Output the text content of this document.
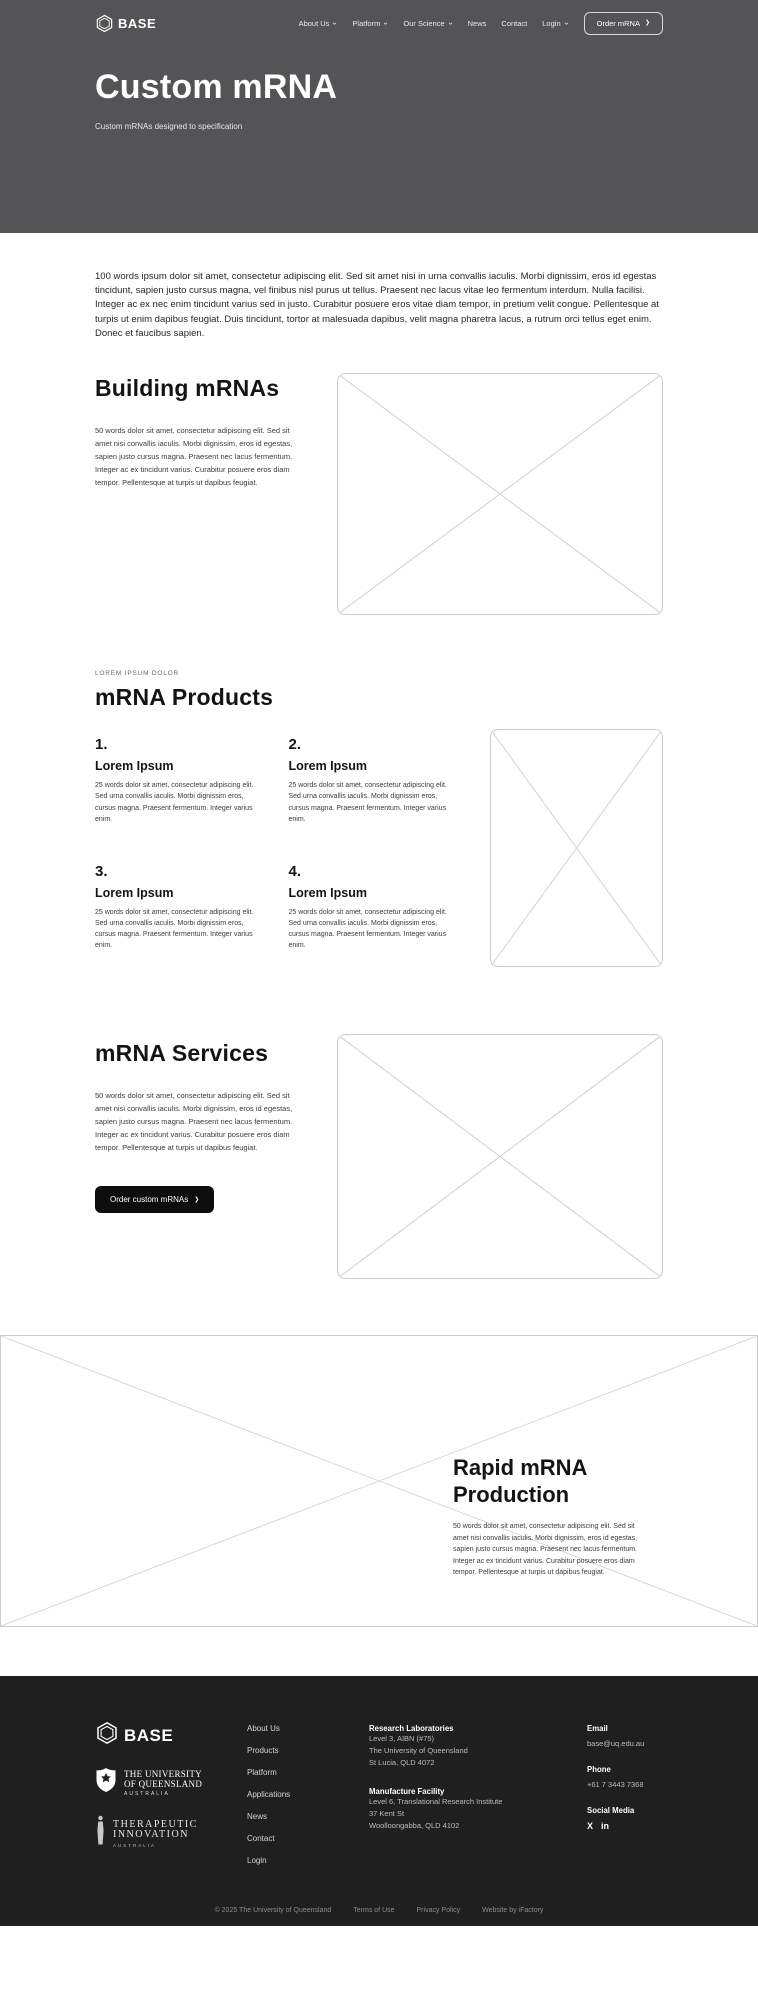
BASE	About Us	Platform	Our Science	News Contact Login	Order mRNA ❯
Custom mRNA
Custom mRNAs designed to specification

100 words ipsum dolor sit amet, consectetur adipiscing elit. Sed sit amet nisi in urna convallis iaculis. Morbi dignissim, eros id egestas tincidunt, sapien justo cursus magna, vel finibus nisl purus ut tellus. Praesent nec lacus vitae leo fermentum interdum. Nulla facilisi. Integer ac ex nec enim tincidunt varius sed in justo. Curabitur posuere eros vitae diam tempor, in pretium velit congue. Pellentesque at turpis ut enim dapibus feugiat. Duis tincidunt, tortor at malesuada dapibus, velit magna pharetra lacus, a rutrum orci tellus eget enim. Donec et faucibus sapien.

Building mRNAs

50 words dolor sit amet, consectetur adipiscing elit. Sed sit amet nisi convallis iaculis. Morbi dignissim, eros id egestas, sapien justo cursus magna. Praesent nec lacus fermentum. Integer ac ex tincidunt varius. Curabitur posuere eros diam tempor. Pellentesque at turpis ut dapibus feugiat.

LOREM IPSUM DOLOR
mRNA Products
1.
Lorem Ipsum

25 words dolor sit amet, consectetur adipiscing elit. Sed urna convallis iaculis. Morbi dignissim eros, cursus magna. Praesent fermentum. Integer varius enim.

2.
Lorem Ipsum

25 words dolor sit amet, consectetur adipiscing elit. Sed urna convallis iaculis. Morbi dignissim eros, cursus magna. Praesent fermentum. Integer varius enim.

3.
Lorem Ipsum

25 words dolor sit amet, consectetur adipiscing elit. Sed urna convallis iaculis. Morbi dignissim eros, cursus magna. Praesent fermentum. Integer varius enim.

4.
Lorem Ipsum

25 words dolor sit amet, consectetur adipiscing elit. Sed urna convallis iaculis. Morbi dignissim eros, cursus magna. Praesent fermentum. Integer varius enim.

mRNA Services

50 words dolor sit amet, consectetur adipiscing elit. Sed sit amet nisi convallis iaculis. Morbi dignissim, eros id egestas, sapien justo cursus magna. Praesent nec lacus fermentum. Integer ac ex tincidunt varius. Curabitur posuere eros diam tempor. Pellentesque at turpis ut dapibus feugiat.

Order custom mRNAs ❯
Rapid mRNA Production

50 words dolor sit amet, consectetur adipiscing elit. Sed sit amet nisi convallis iaculis. Morbi dignissim, eros id egestas, sapien justo cursus magna. Praesent nec lacus fermentum. Integer ac ex tincidunt varius. Curabitur posuere eros diam tempor. Pellentesque at turpis ut dapibus feugiat.

BASE
THE UNIVERSITY
OF QUEENSLAND
AUSTRALIA
THERAPEUTIC
INNOVATION
AUSTRALIA
About Us
Products
Platform
Applications
News
Contact
Login
Research Laboratories
Level 3, AIBN (#75)
The University of Queensland
St Lucia, QLD 4072
Manufacture Facility
Level 6, Translational Research Institute
37 Kent St
Woolloongabba, QLD 4102
Email
base@uq.edu.au
Phone
+61 7 3443 7368
Social Media
X in
© 2025 The University of Queensland	Terms of Use	Privacy Policy	Website by iFactory
